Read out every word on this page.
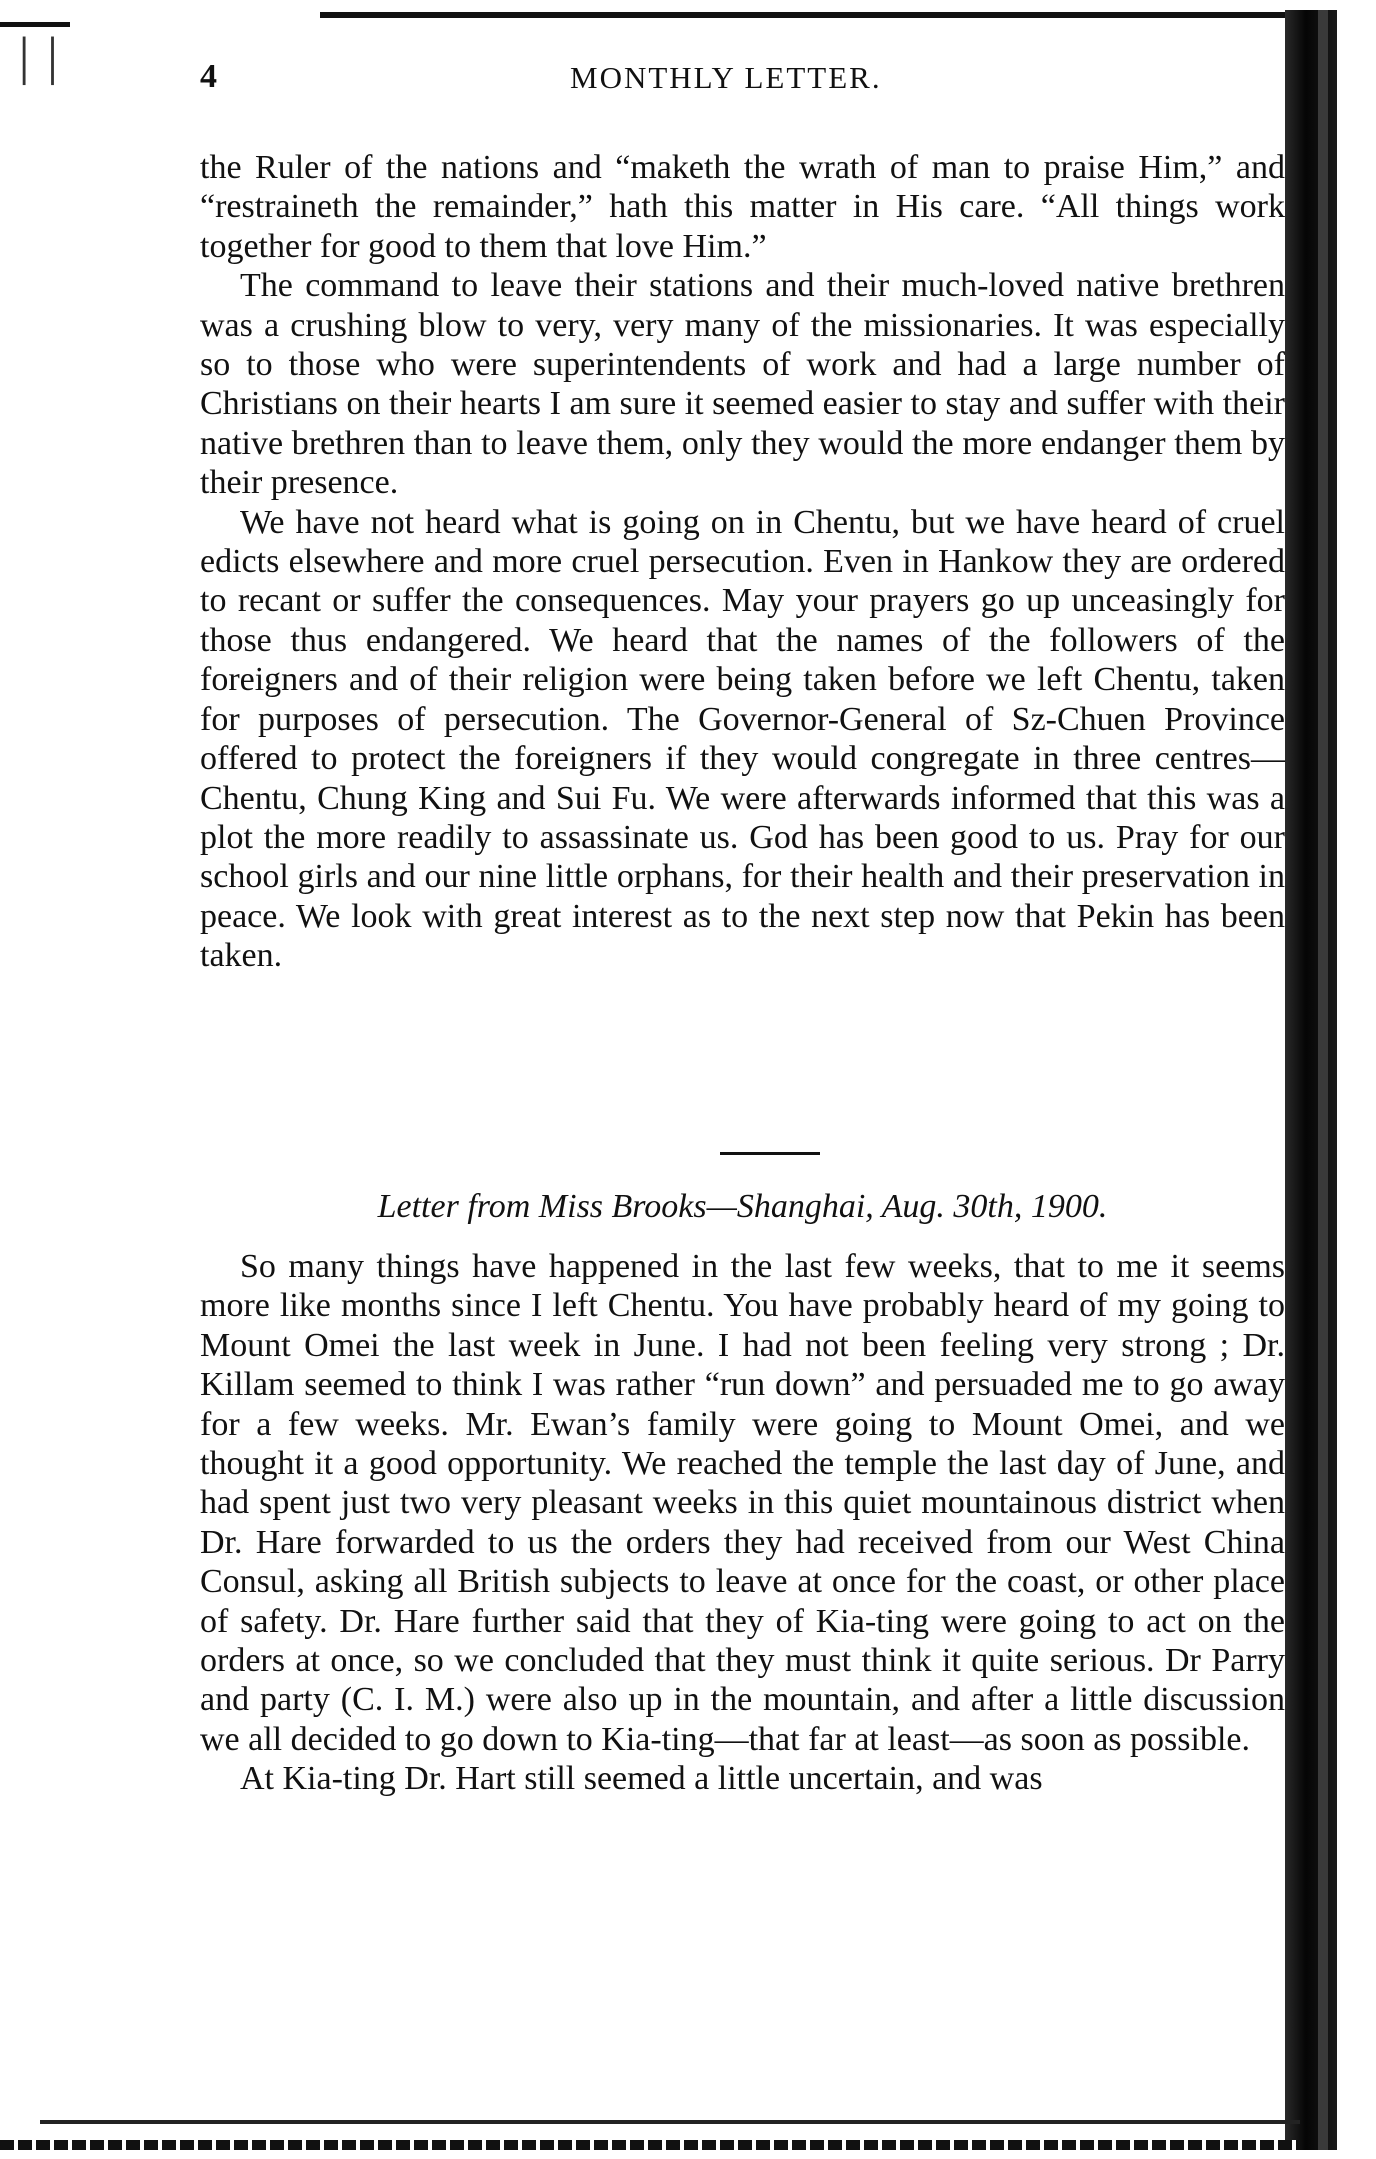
││	4	MONTHLY LETTER.

the Ruler of the nations and “maketh the wrath of man to praise Him,” and “restraineth the remainder,” hath this matter in His care. “All things work together for good to them that love Him.”

The command to leave their stations and their much-loved native brethren was a crushing blow to very, very many of the missionaries. It was especially so to those who were superintendents of work and had a large number of Christians on their hearts I am sure it seemed easier to stay and suffer with their native brethren than to leave them, only they would the more endanger them by their presence.

We have not heard what is going on in Chentu, but we have heard of cruel edicts elsewhere and more cruel persecution. Even in Hankow they are ordered to recant or suffer the consequences. May your prayers go up unceasingly for those thus endangered. We heard that the names of the followers of the foreigners and of their religion were being taken before we left Chentu, taken for purposes of persecution. The Governor-General of Sz-Chuen Province offered to protect the foreigners if they would congregate in three centres—Chentu, Chung King and Sui Fu. We were afterwards informed that this was a plot the more readily to assassinate us. God has been good to us. Pray for our school girls and our nine little orphans, for their health and their preservation in peace. We look with great interest as to the next step now that Pekin has been taken.

Letter from Miss Brooks—Shanghai, Aug. 30th, 1900.

So many things have happened in the last few weeks, that to me it seems more like months since I left Chentu. You have probably heard of my going to Mount Omei the last week in June. I had not been feeling very strong ; Dr. Killam seemed to think I was rather “run down” and persuaded me to go away for a few weeks. Mr. Ewan’s family were going to Mount Omei, and we thought it a good opportunity. We reached the temple the last day of June, and had spent just two very pleasant weeks in this quiet mountainous district when Dr. Hare forwarded to us the orders they had received from our West China Consul, asking all British subjects to leave at once for the coast, or other place of safety. Dr. Hare further said that they of Kia-ting were going to act on the orders at once, so we concluded that they must think it quite serious. Dr Parry and party (C. I. M.) were also up in the mountain, and after a little discussion we all decided to go down to Kia-ting—that far at least—as soon as possible.

At Kia-ting Dr. Hart still seemed a little uncertain, and was
